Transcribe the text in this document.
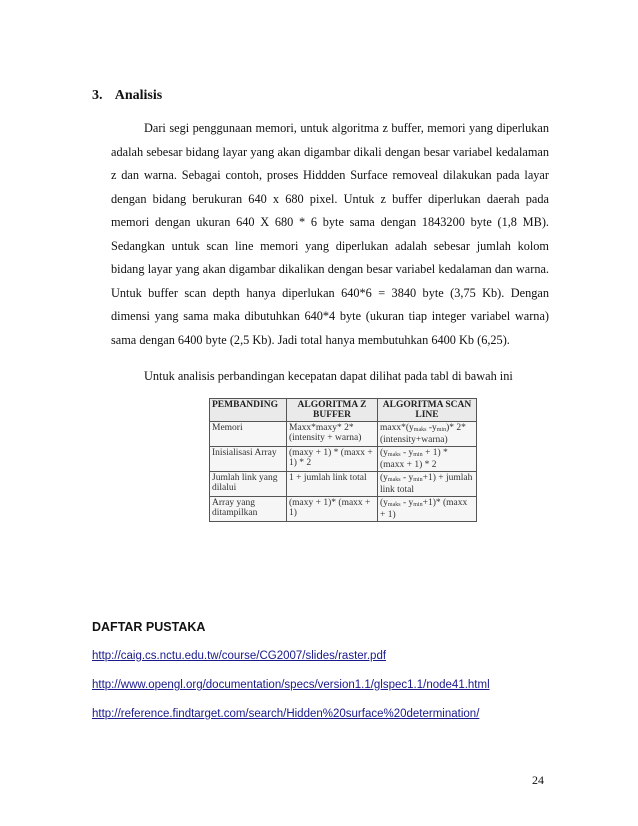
3. Analisis
Dari segi penggunaan memori, untuk algoritma z buffer, memori yang diperlukan adalah sebesar bidang layar yang akan digambar dikali dengan besar variabel kedalaman z dan warna. Sebagai contoh, proses Hiddden Surface removeal dilakukan pada layar dengan bidang berukuran 640 x 680 pixel. Untuk z buffer diperlukan daerah pada memori dengan ukuran 640 X 680 * 6 byte sama dengan 1843200 byte (1,8 MB). Sedangkan untuk scan line memori yang diperlukan adalah sebesar jumlah kolom bidang layar yang akan digambar dikalikan dengan besar variabel kedalaman dan warna. Untuk buffer scan depth hanya diperlukan 640*6 = 3840 byte (3,75 Kb). Dengan dimensi yang sama maka dibutuhkan 640*4 byte (ukuran tiap integer variabel warna) sama dengan 6400 byte (2,5 Kb). Jadi total hanya membutuhkan 6400 Kb (6,25).
Untuk analisis perbandingan kecepatan dapat dilihat pada tabl di bawah ini
PEMBANDING	ALGORITMA Z BUFFER	ALGORITMA SCAN LINE
Memori	Maxx*maxy* 2*(intensity + warna)	maxx*(ymaks -ymin)* 2*(intensity+warna)
Inisialisasi Array	(maxy + 1) * (maxx + 1) * 2	(ymaks - ymin + 1) * (maxx + 1) * 2
Jumlah link yang dilalui	1 + jumlah link total	(ymaks - ymin+1) + jumlah link total
Array yang ditampilkan	(maxy + 1)* (maxx + 1)	(ymaks - ymin+1)* (maxx + 1)
DAFTAR PUSTAKA
http://caig.cs.nctu.edu.tw/course/CG2007/slides/raster.pdf
http://www.opengl.org/documentation/specs/version1.1/glspec1.1/node41.html
http://reference.findtarget.com/search/Hidden%20surface%20determination/
24
